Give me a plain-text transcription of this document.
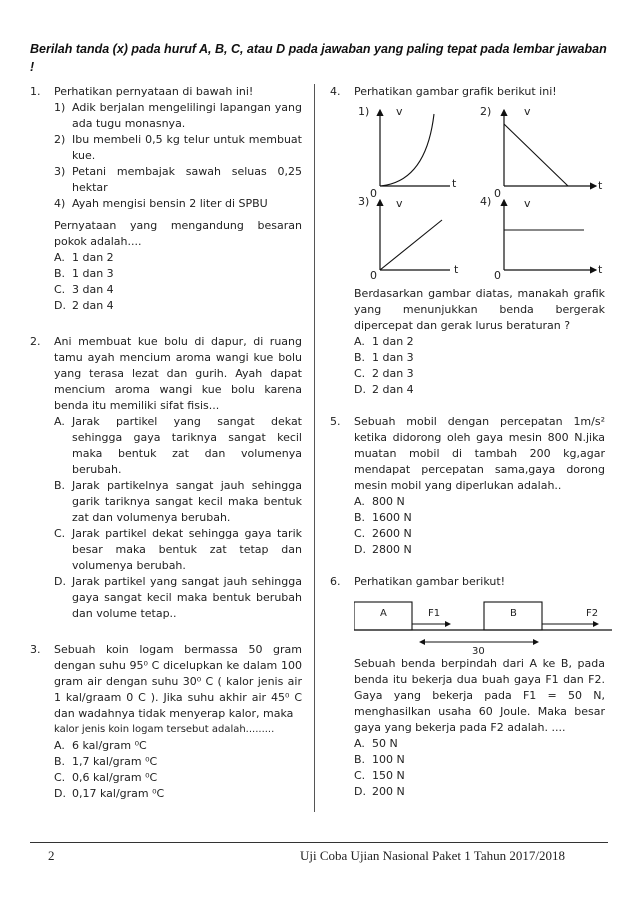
Berilah tanda (x) pada huruf A, B, C, atau D pada jawaban yang paling tepat pada lembar jawaban !
1. Perhatikan pernyataan di bawah ini!

1) Adik berjalan mengelilingi lapangan yang ada tugu monasnya.
2) Ibu membeli 0,5 kg telur untuk membuat kue.
3) Petani membajak sawah seluas 0,25 hektar
4) Ayah mengisi bensin 2 liter di SPBU

Pernyataan yang mengandung besaran pokok adalah....

A. 1 dan 2
B. 1 dan 3
C. 3 dan 4
D. 2 dan 4
2. Ani membuat kue bolu di dapur, di ruang tamu ayah mencium aroma wangi kue bolu yang terasa lezat dan gurih. Ayah dapat mencium aroma wangi kue bolu karena benda itu memiliki sifat fisis...

A. Jarak partikel yang sangat dekat sehingga gaya tariknya sangat kecil maka bentuk zat dan volumenya berubah.
B. Jarak partikelnya sangat jauh sehingga garik tariknya sangat kecil maka bentuk zat dan volumenya berubah.
C. Jarak partikel dekat sehingga gaya tarik besar maka bentuk zat tetap dan volumenya berubah.
D. Jarak partikel yang sangat jauh sehingga gaya sangat kecil maka bentuk berubah dan volume tetap..
3. Sebuah koin logam bermassa 50 gram dengan suhu 95⁰ C dicelupkan ke dalam 100 gram air dengan suhu 30⁰ C ( kalor jenis air 1 kal/graam 0 C ). Jika suhu akhir air 45⁰ C dan wadahnya tidak menyerap kalor, maka

kalor jenis koin logam tersebut adalah.........

A. 6 kal/gram ⁰C
B. 1,7 kal/gram ⁰C
C. 0,6 kal/gram ⁰C
D. 0,17 kal/gram ⁰C
4. Perhatikan gambar grafik berikut ini!

1) v	2)	v
t	t
0	0
3) v	4)	v
0	t	0	t

Berdasarkan gambar diatas, manakah grafik yang menunjukkan benda bergerak dipercepat dan gerak lurus beraturan ?

A. 1 dan 2
B. 1 dan 3
C. 2 dan 3
D. 2 dan 4
5. Sebuah mobil dengan percepatan 1m/s² ketika didorong oleh gaya mesin 800 N.jika muatan mobil di tambah 200 kg,agar mendapat percepatan sama,gaya dorong mesin mobil yang diperlukan adalah..

A. 800 N
B. 1600 N
C. 2600 N
D. 2800 N
6. Perhatikan gambar berikut!

A	F1	B	F2
30

Sebuah benda berpindah dari A ke B, pada benda itu bekerja dua buah gaya F1 dan F2. Gaya yang bekerja pada F1 = 50 N, menghasilkan usaha 60 Joule. Maka besar gaya yang bekerja pada F2 adalah. ....

A. 50 N
B. 100 N
C. 150 N
D. 200 N
2	Uji Coba Ujian Nasional Paket 1 Tahun 2017/2018
